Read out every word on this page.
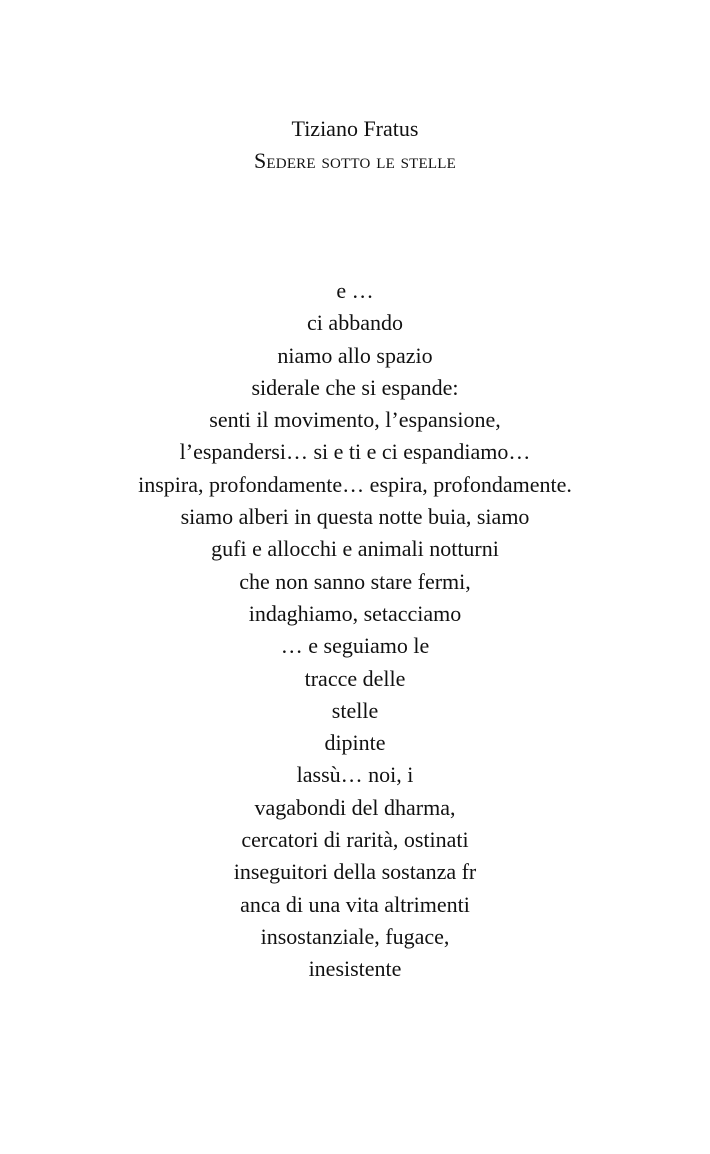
Tiziano Fratus
Sedere sotto le stelle
e …
ci abbando
niamo allo spazio
siderale che si espande:
senti il movimento, l’espansione,
l’espandersi… si e ti e ci espandiamo…
inspira, profondamente… espira, profondamente.
siamo alberi in questa notte buia, siamo
gufi e allocchi e animali notturni
che non sanno stare fermi,
indaghiamo, setacciamo
… e seguiamo le
tracce delle
stelle
dipinte
lassù… noi, i
vagabondi del dharma,
cercatori di rarità, ostinati
inseguitori della sostanza fr
anca di una vita altrimenti
insostanziale, fugace,
inesistente
